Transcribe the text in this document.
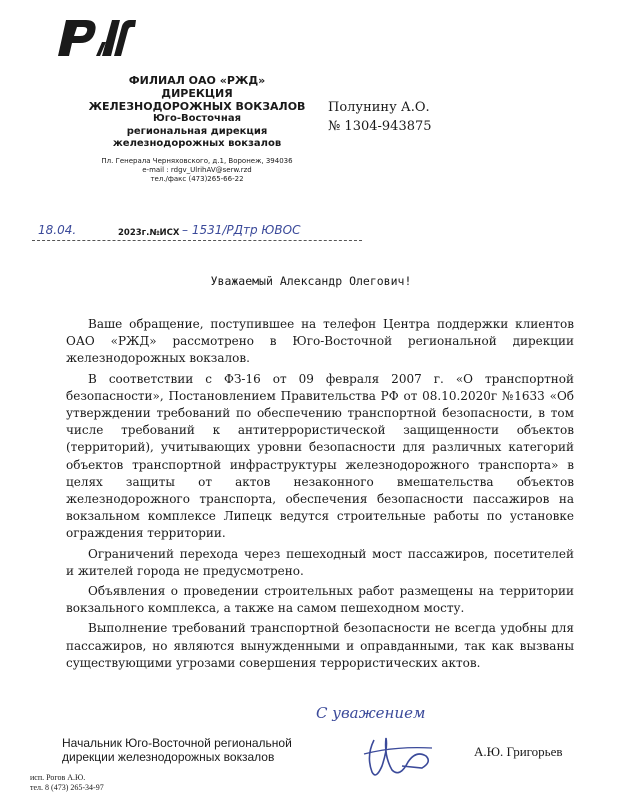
ФИЛИАЛ ОАО «РЖД»
ДИРЕКЦИЯ
ЖЕЛЕЗНОДОРОЖНЫХ ВОКЗАЛОВ
Юго-Восточная
региональная дирекция
железнодорожных вокзалов
Пл. Генерала Черняховского, д.1, Воронеж, 394036
e-mail : rdgv_UlrihAV@serw.rzd
тел./факс (473)265-66-22
Полунину А.О.
№ 1304-943875
18.04.	2023г.№ИСХ – 1531/РДтр ЮВОС
Уважаемый Александр Олегович!

Ваше обращение, поступившее на телефон Центра поддержки клиентов ОАО «РЖД» рассмотрено в Юго-Восточной региональной дирекции железнодорожных вокзалов.

В соответствии с ФЗ-16 от 09 февраля 2007 г. «О транспортной безопасности», Постановлением Правительства РФ от 08.10.2020г №1633 «Об утверждении требований по обеспечению транспортной безопасности, в том числе требований к антитеррористической защищенности объектов (территорий), учитывающих уровни безопасности для различных категорий объектов транспортной инфраструктуры железнодорожного транспорта» в целях защиты от актов незаконного вмешательства объектов железнодорожного транспорта, обеспечения безопасности пассажиров на вокзальном комплексе Липецк ведутся строительные работы по установке ограждения территории.

Ограничений перехода через пешеходный мост пассажиров, посетителей и жителей города не предусмотрено.

Объявления о проведении строительных работ размещены на территории вокзального комплекса, а также на самом пешеходном мосту.

Выполнение требований транспортной безопасности не всегда удобны для пассажиров, но являются вынужденными и оправданными, так как вызваны существующими угрозами совершения террористических актов.

С уважением
Начальник Юго-Восточной региональной
дирекции железнодорожных вокзалов	А.Ю. Григорьев
исп. Рогов А.Ю.
тел. 8 (473) 265-34-97
